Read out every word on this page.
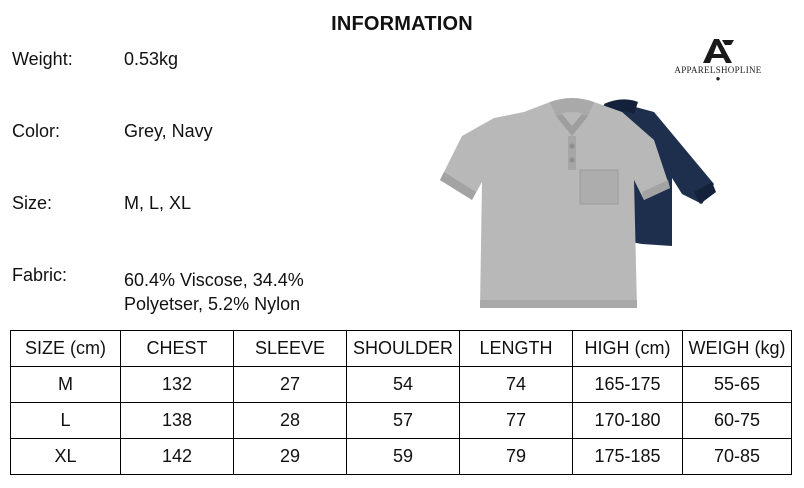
INFORMATION
Weight:	0.53kg
Color:	Grey, Navy
Size:	M, L, XL
Fabric:	60.4% Viscose, 34.4%
Polyetser, 5.2% Nylon
APPARELSHOPLINE
●
SIZE (cm)	CHEST	SLEEVE	SHOULDER	LENGTH	HIGH (cm)	WEIGH (kg)
M	132	27	54	74	165-175	55-65
L	138	28	57	77	170-180	60-75
XL	142	29	59	79	175-185	70-85
